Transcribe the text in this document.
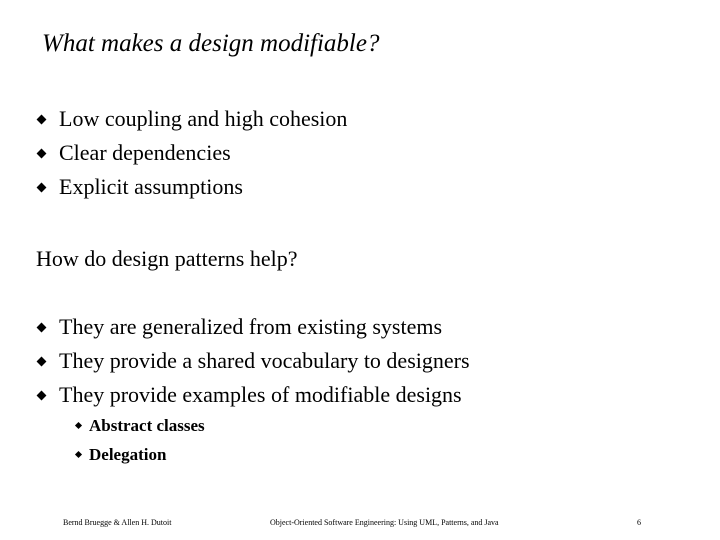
What makes a design modifiable?
Low coupling and high cohesion
Clear dependencies
Explicit assumptions
How do design patterns help?
They are generalized from existing systems
They provide a shared vocabulary to designers
They provide examples of modifiable designs
Abstract classes
Delegation
Bernd Bruegge & Allen H. Dutoit	Object-Oriented Software Engineering: Using UML, Patterns, and Java	6
